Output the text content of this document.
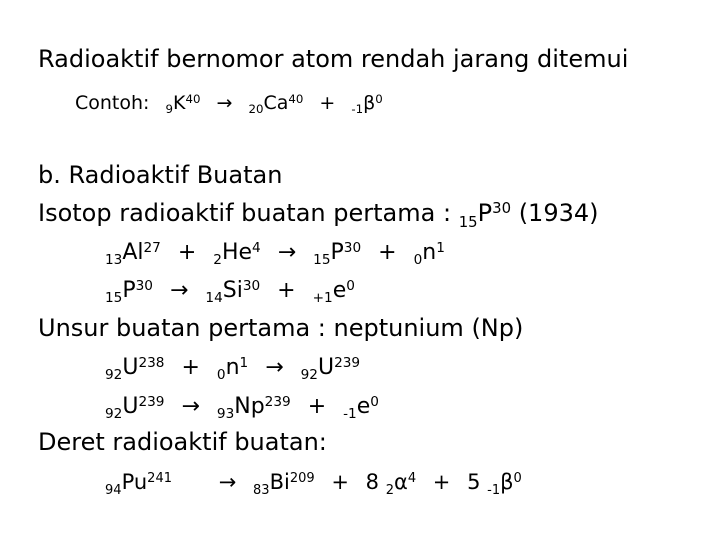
Radioaktif bernomor atom rendah jarang ditemui
Contoh: $_9K^{40} \to _{20}Ca^{40} + _{-1}\beta^0$
b. Radioaktif Buatan
Isotop radioaktif buatan pertama : $_{15}P^{30}$ (1934)
$_{13}Al^{27} + _2He^4 \to _{15}P^{30} + _0n^1$
$_{15}P^{30} \to _{14}Si^{30} + _{+1}e^0$
Unsur buatan pertama : neptunium (Np)
$_{92}U^{238} + _0n^1 \to _{92}U^{239}$
$_{92}U^{239} \to _{93}Np^{239} + _{-1}e^0$
Deret radioaktif buatan:
$_{94}Pu^{241} \to _{83}Bi^{209} + 8$ $_2\alpha^4 + 5$ $_{-1}\beta^0$
